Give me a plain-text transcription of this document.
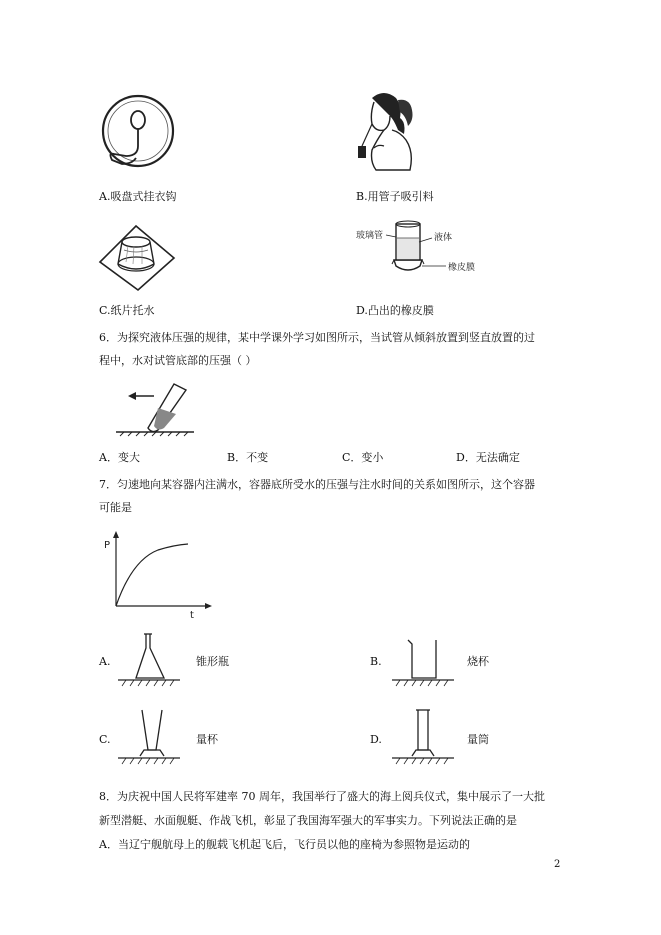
A.吸盘式挂衣钩	B.用管子吸引料
玻璃管	液体
橡皮膜
C.纸片托水	D.凸出的橡皮膜
6．为探究液体压强的规律，某中学课外学习如图所示，当试管从倾斜放置到竖直放置的过
程中，水对试管底部的压强（ ）
A．变大	B．不变	C．变小	D．无法确定
7．匀速地向某容器内注满水，容器底所受水的压强与注水时间的关系如图所示，这个容器
可能是
P
t
A.	锥形瓶	B.	烧杯
C.	量杯	D.	量筒
8．为庆祝中国人民将军建率 70 周年，我国举行了盛大的海上阅兵仪式，集中展示了一大批
新型潜艇、水面舰艇、作战飞机，彰显了我国海军强大的军事实力。下列说法正确的是
A．当辽宁舰航母上的舰载飞机起飞后，飞行员以他的座椅为参照物是运动的
2
